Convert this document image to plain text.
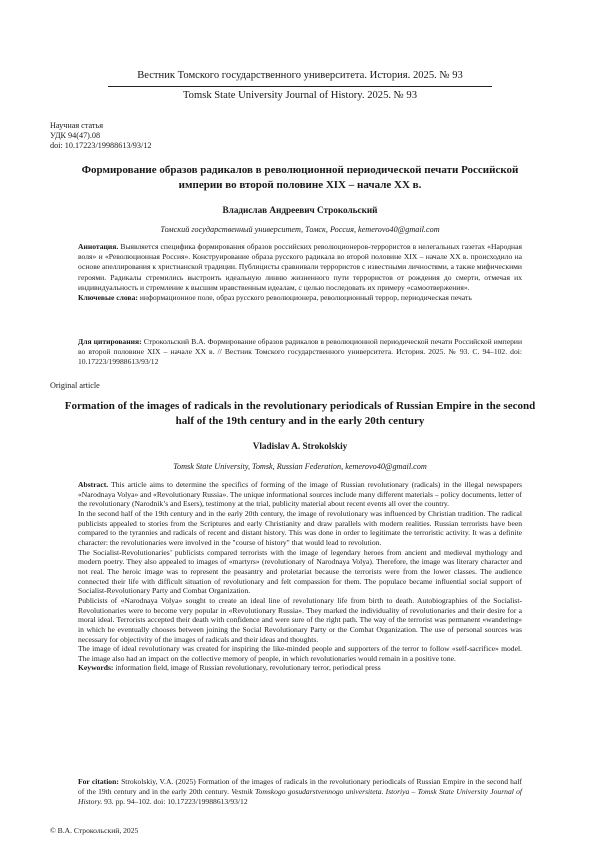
Вестник Томского государственного университета. История. 2025. № 93
Tomsk State University Journal of History. 2025. № 93
Научная статья
УДК 94(47).08
doi: 10.17223/19988613/93/12
Формирование образов радикалов в революционной периодической печати Российской империи во второй половине XIX – начале XX в.
Владислав Андреевич Строкольский
Томский государственный университет, Томск, Россия, kemerovo40@gmail.com
Аннотация. Выявляется специфика формирования образов российских революционеров-террористов в нелегальных газетах «Народная воля» и «Революционная Россия». Конструирование образа русского радикала во второй половине XIX – начале XX в. происходило на основе апеллирования к христианской традиции. Публицисты сравнивали террористов с известными личностями, а также мифическими героями. Радикалы стремились выстроить идеальную линию жизненного пути террористов от рождения до смерти, отмечая их индивидуальность и стремление к высшим нравственным идеалам, с целью последовать их примеру «самоотвержения».
Ключевые слова: информационное поле, образ русского революционера, революционный террор, периодическая печать
Для цитирования: Строкольский В.А. Формирование образов радикалов в революционной периодической печати Российской империи во второй половине XIX – начале XX в. // Вестник Томского государственного университета. История. 2025. № 93. С. 94–102. doi: 10.17223/19988613/93/12
Original article
Formation of the images of radicals in the revolutionary periodicals of Russian Empire in the second half of the 19th century and in the early 20th century
Vladislav A. Strokolskiy
Tomsk State University, Tomsk, Russian Federation, kemerovo40@gmail.com

Abstract. This article aims to determine the specifics of forming of the image of Russian revolutionary (radicals) in the illegal newspapers «Narodnaya Volya» and «Revolutionary Russia». The unique informational sources include many different materials – policy documents, letter of the revolutionary (Narodnik’s and Esers), testimony at the trial, publicity material about recent events all over the country.

In the second half of the 19th century and in the early 20th century, the image of revolutionary was influenced by Christian tradition. The radical publicists appealed to stories from the Scriptures and early Christianity and draw parallels with modern realities. Russian terrorists have been compared to the tyrannies and radicals of recent and distant history. This was done in order to legitimate the terroristic activity. It was a definite character: the revolutionaries were involved in the "course of history" that would lead to revolution.

The Socialist-Revolutionaries’ publicists compared terrorists with the image of legendary heroes from ancient and medieval mythology and modern poetry. They also appealed to images of «martyrs» (revolutionary of Narodnaya Volya). Therefore, the image was literary character and not real. The heroic image was to represent the peasantry and proletariat because the terrorists were from the lower classes. The audience connected their life with difficult situation of revolutionary and felt compassion for them. The populace became influential social support of Socialist-Revolutionary Party and Combat Organization.

Publicists of «Narodnaya Volya» sought to create an ideal line of revolutionary life from birth to death. Autobiographies of the Socialist-Revolutionaries were to become very popular in «Revolutionary Russia». They marked the individuality of revolutionaries and their desire for a moral ideal. Terrorists accepted their death with confidence and were sure of the right path. The way of the terrorist was permanent «wandering» in which he eventually chooses between joining the Social Revolutionary Party or the Combat Organization. The use of personal sources was necessary for objectivity of the images of radicals and their ideas and thoughts.

The image of ideal revolutionary was created for inspiring the like-minded people and supporters of the terror to follow «self-sacrifice» model. The image also had an impact on the collective memory of people, in which revolutionaries would remain in a positive tone.

Keywords: information field, image of Russian revolutionary, revolutionary terror, periodical press

For citation: Strokolskiy, V.A. (2025) Formation of the images of radicals in the revolutionary periodicals of Russian Empire in the second half of the 19th century and in the early 20th century. Vestnik Tomskogo gosudarstvennogo universiteta. Istoriya – Tomsk State University Journal of History. 93. pp. 94–102. doi: 10.17223/19988613/93/12
© В.А. Строкольский, 2025
